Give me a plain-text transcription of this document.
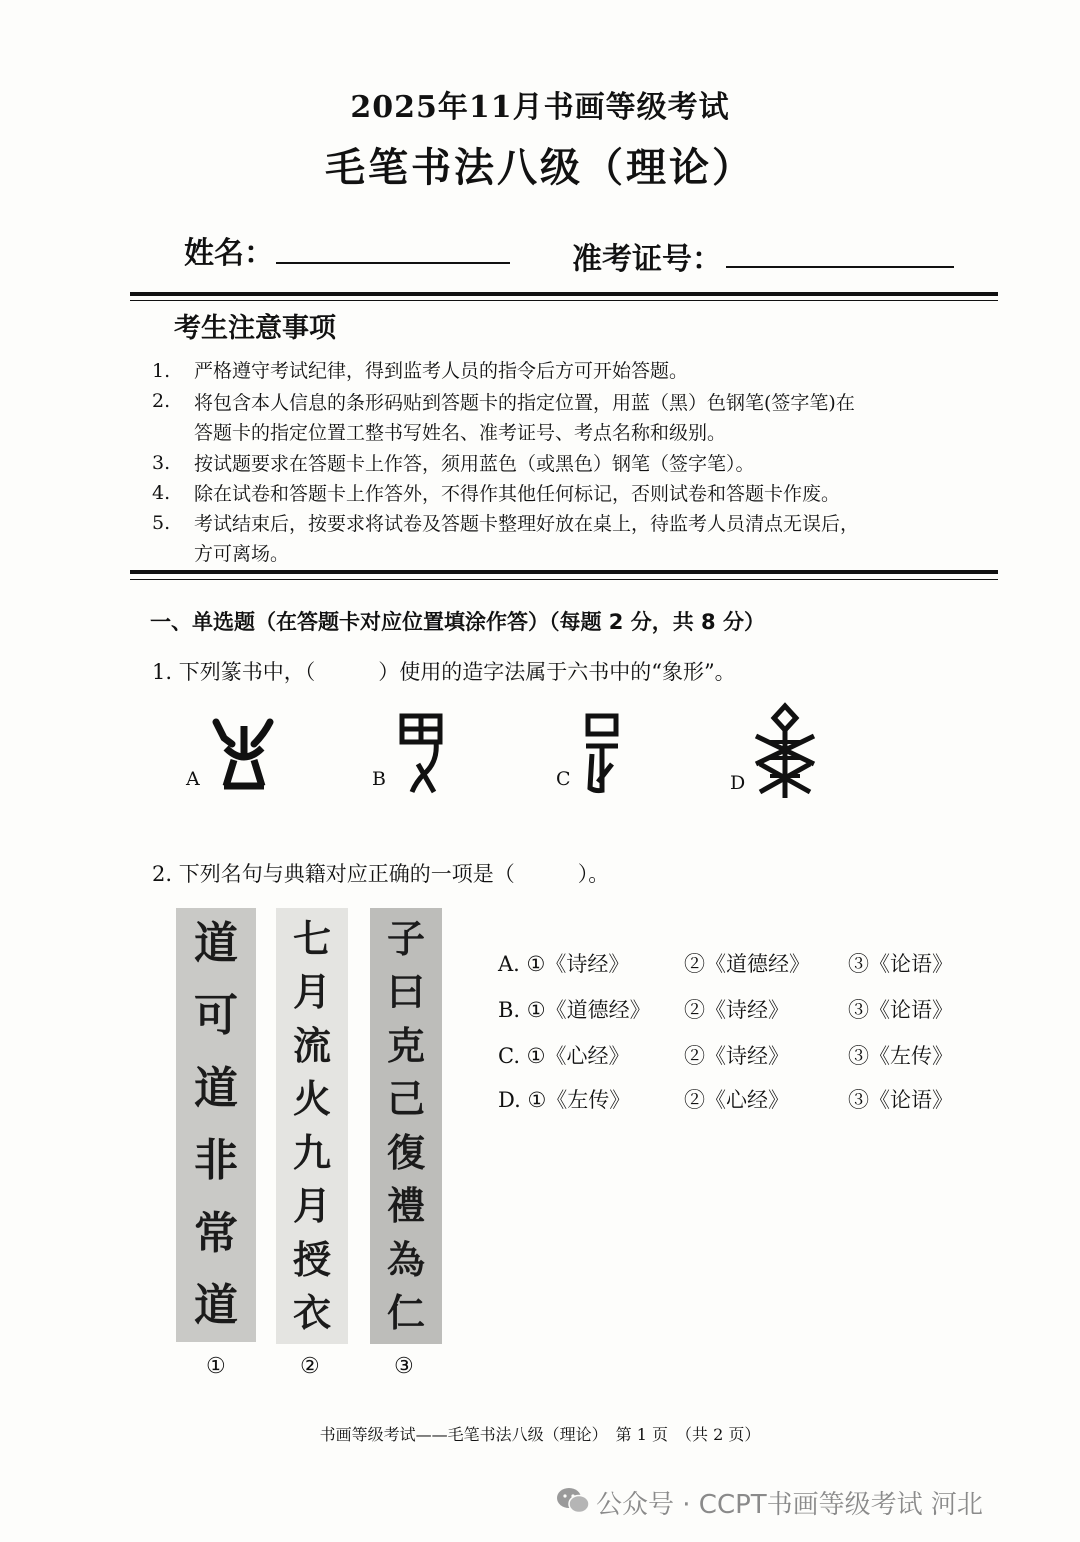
2025年11月书画等级考试
毛笔书法八级（理论）
姓名：	准考证号：
考生注意事项
1.	严格遵守考试纪律，得到监考人员的指令后方可开始答题。
2.	将包含本人信息的条形码贴到答题卡的指定位置，用蓝（黑）色钢笔(签字笔)在
答题卡的指定位置工整书写姓名、准考证号、考点名称和级别。
3.	按试题要求在答题卡上作答，须用蓝色（或黑色）钢笔（签字笔）。
4.	除在试卷和答题卡上作答外，不得作其他任何标记，否则试卷和答题卡作废。
5.	考试结束后，按要求将试卷及答题卡整理好放在桌上，待监考人员清点无误后，
方可离场。
一、单选题（在答题卡对应位置填涂作答）（每题 2 分，共 8 分）
1. 下列篆书中，（　　　）使用的造字法属于六书中的“象形”。
A	B	C	D
2. 下列名句与典籍对应正确的一项是（　　　）。
道
可
道
非
常
道
七
月
流
火
九
月
授
衣
子
曰
克
己
復
禮
為
仁
①	②	③
A. ①《诗经》	②《道德经》 ③《论语》
B. ①《道德经》 ②《诗经》	③《论语》
C. ①《心经》	②《诗经》	③《左传》
D. ①《左传》	②《心经》	③《论语》
书画等级考试——毛笔书法八级（理论）　第 1 页　（共 2 页）
公众号 · CCPT书画等级考试 河北
